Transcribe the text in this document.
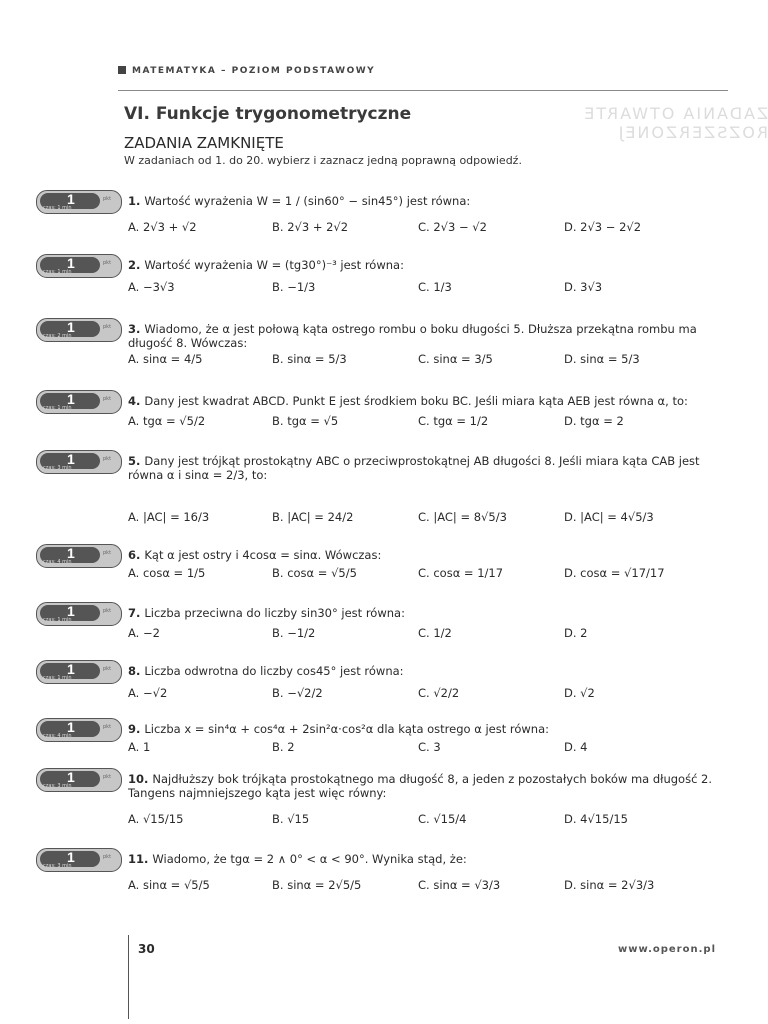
MATEMATYKA – POZIOM PODSTAWOWY
ZADANIA OTWARTE ROZSZERZONEJ
VI. Funkcje trygonometryczne
ZADANIA ZAMKNIĘTE
W zadaniach od 1. do 20. wybierz i zaznacz jedną poprawną odpowiedź.
1	pkt
czas: 1 min	1. Wartość wyrażenia W = 1 / (sin60° − sin45°) jest równa:
A. 2√3 + √2	B. 2√3 + 2√2	C. 2√3 − √2	D. 2√3 − 2√2
1	pkt
czas: 1 min	2. Wartość wyrażenia W = (tg30°)⁻³ jest równa:
A. −3√3	B. −1/3	C. 1/3	D. 3√3
1	pkt
czas: 2 min	3. Wiadomo, że α jest połową kąta ostrego rombu o boku długości 5. Dłuższa przekątna rombu ma długość 8. Wówczas:
A. sinα = 4/5	B. sinα = 5/3	C. sinα = 3/5	D. sinα = 5/3
1	pkt
czas: 1 min	4. Dany jest kwadrat ABCD. Punkt E jest środkiem boku BC. Jeśli miara kąta AEB jest równa α, to:
A. tgα = √5/2	B. tgα = √5	C. tgα = 1/2	D. tgα = 2
1	pkt
czas: 3 min	5. Dany jest trójkąt prostokątny ABC o przeciwprostokątnej AB długości 8. Jeśli miara kąta CAB jest równa α i sinα = 2/3, to:
A. |AC| = 16/3	B. |AC| = 24/2	C. |AC| = 8√5/3	D. |AC| = 4√5/3
1	pkt
czas: 4 min	6. Kąt α jest ostry i 4cosα = sinα. Wówczas:
A. cosα = 1/5	B. cosα = √5/5	C. cosα = 1/17	D. cosα = √17/17
1	pkt
czas: 1 min	7. Liczba przeciwna do liczby sin30° jest równa:
A. −2	B. −1/2	C. 1/2	D. 2
1	pkt
czas: 1 min	8. Liczba odwrotna do liczby cos45° jest równa:
A. −√2	B. −√2/2	C. √2/2	D. √2
1	pkt
czas: 4 min	9. Liczba x = sin⁴α + cos⁴α + 2sin²α·cos²α dla kąta ostrego α jest równa:
A. 1	B. 2	C. 3	D. 4
1	pkt
czas: 3 min	10. Najdłuższy bok trójkąta prostokątnego ma długość 8, a jeden z pozostałych boków ma długość 2. Tangens najmniejszego kąta jest więc równy:
A. √15/15	B. √15	C. √15/4	D. 4√15/15
1	pkt
czas: 3 min	11. Wiadomo, że tgα = 2 ∧ 0° < α < 90°. Wynika stąd, że:
A. sinα = √5/5	B. sinα = 2√5/5	C. sinα = √3/3	D. sinα = 2√3/3
30	www.operon.pl
